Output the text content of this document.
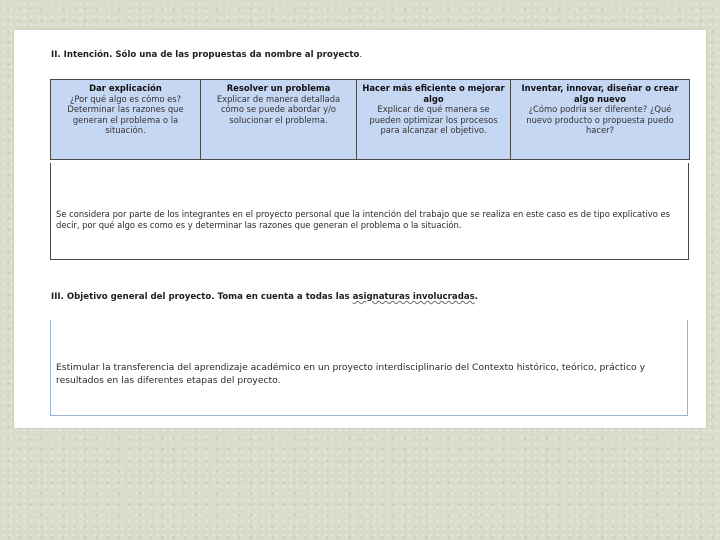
II. Intención. Sólo una de las propuestas da nombre al proyecto.
Dar explicación
¿Por qué algo es cómo es? Determinar las razones que generan el problema o la situación.

Resolver un problema
Explicar de manera detallada cómo se puede abordar y/o solucionar el problema.

Hacer más eficiente o mejorar algo
Explicar de qué manera se pueden optimizar los procesos para alcanzar el objetivo.

Inventar, innovar, diseñar o crear algo nuevo
¿Cómo podría ser diferente? ¿Qué nuevo producto o propuesta puedo hacer?
Se considera por parte de los integrantes en el proyecto personal que la intención del trabajo que se realiza en este caso es de tipo explicativo es decir, por qué algo es como es y determinar las razones que generan el problema o la situación.
III. Objetivo general del proyecto. Toma en cuenta a todas las asignaturas involucradas.
Estimular la transferencia del aprendizaje académico en un proyecto interdisciplinario del Contexto histórico, teórico, práctico y resultados en las diferentes etapas del proyecto.
